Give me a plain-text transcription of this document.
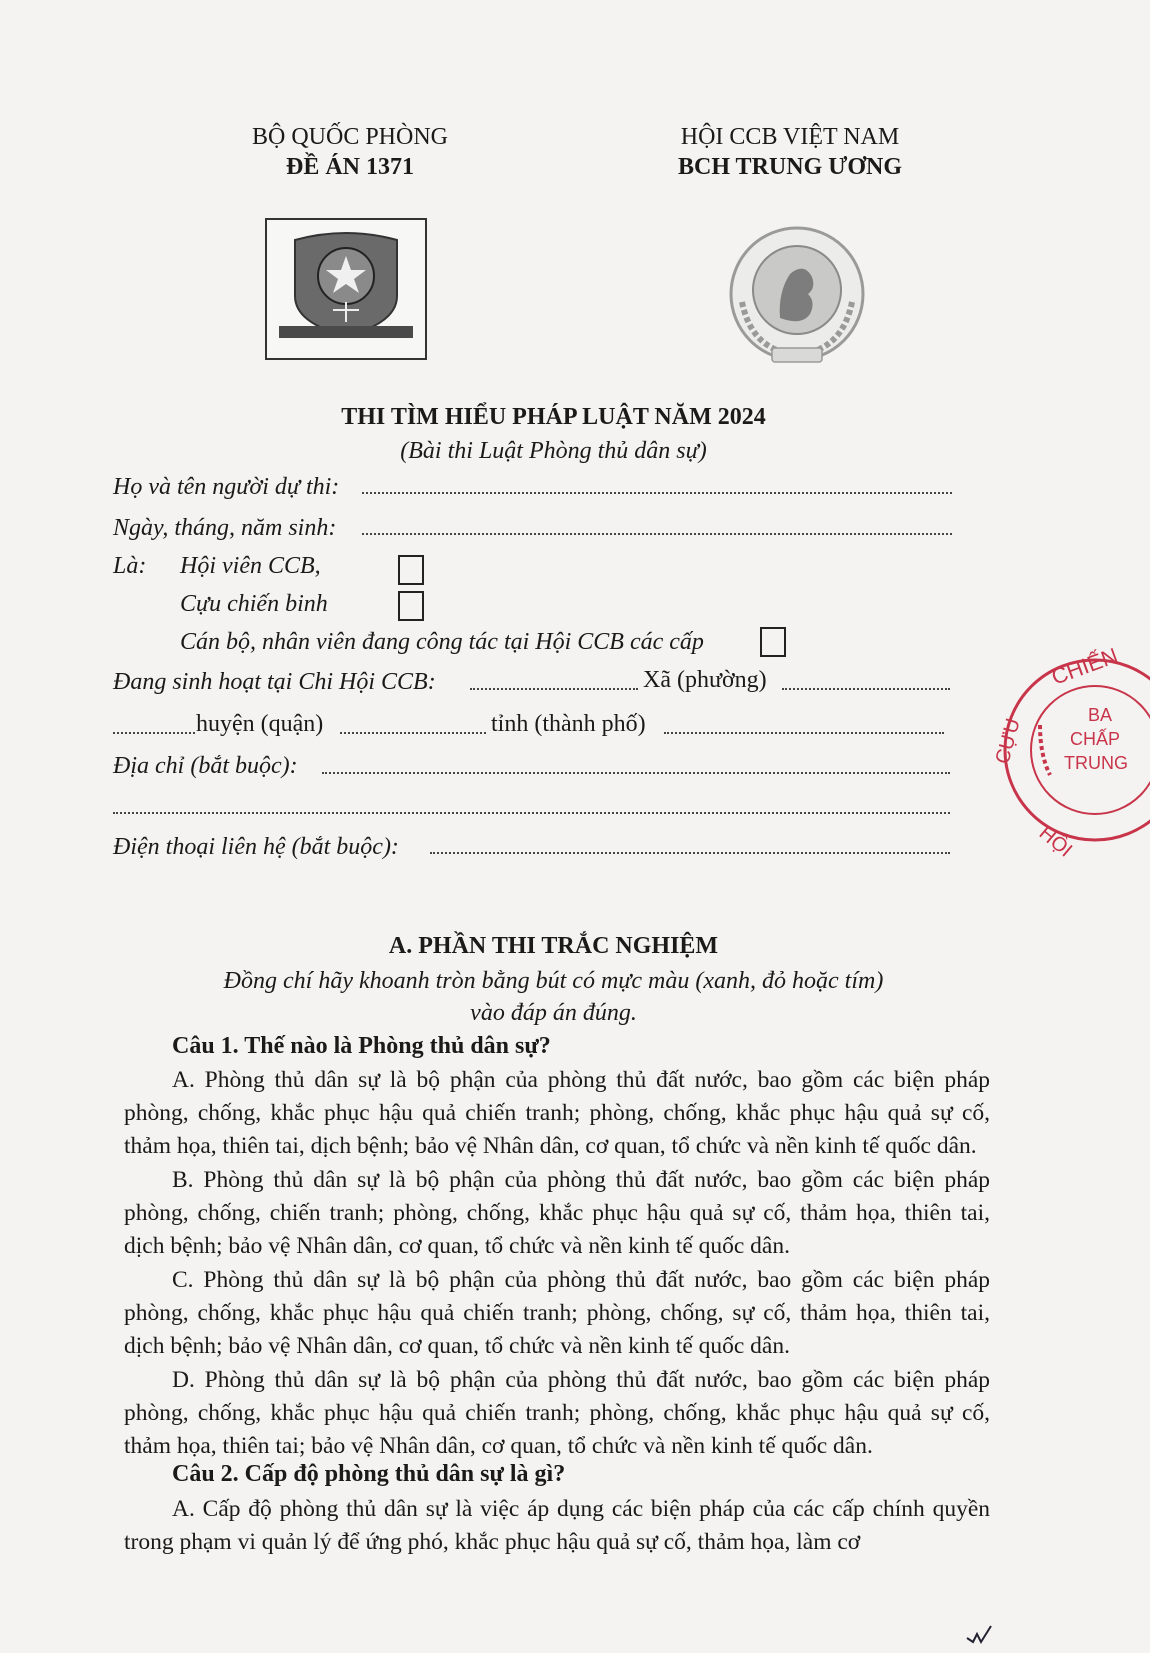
BỘ QUỐC PHÒNG
ĐỀ ÁN 1371
HỘI CCB VIỆT NAM
BCH TRUNG ƯƠNG
CHIẾN
CỰU
HỘI
BA
CHẤP
TRUNG
THI TÌM HIỂU PHÁP LUẬT NĂM 2024
(Bài thi Luật Phòng thủ dân sự)
Họ và tên người dự thi:
Ngày, tháng, năm sinh:
Là: Hội viên CCB,
Cựu chiến binh
Cán bộ, nhân viên đang công tác tại Hội CCB các cấp
Đang sinh hoạt tại Chi Hội CCB:	Xã (phường)
huyện (quận)	tỉnh (thành phố)
Địa chỉ (bắt buộc):
Điện thoại liên hệ (bắt buộc):
A. PHẦN THI TRẮC NGHIỆM
Đồng chí hãy khoanh tròn bằng bút có mực màu (xanh, đỏ hoặc tím)
vào đáp án đúng.
Câu 1. Thế nào là Phòng thủ dân sự?
A. Phòng thủ dân sự là bộ phận của phòng thủ đất nước, bao gồm các biện pháp phòng, chống, khắc phục hậu quả chiến tranh; phòng, chống, khắc phục hậu quả sự cố, thảm họa, thiên tai, dịch bệnh; bảo vệ Nhân dân, cơ quan, tổ chức và nền kinh tế quốc dân.
B. Phòng thủ dân sự là bộ phận của phòng thủ đất nước, bao gồm các biện pháp phòng, chống, chiến tranh; phòng, chống, khắc phục hậu quả sự cố, thảm họa, thiên tai, dịch bệnh; bảo vệ Nhân dân, cơ quan, tổ chức và nền kinh tế quốc dân.
C. Phòng thủ dân sự là bộ phận của phòng thủ đất nước, bao gồm các biện pháp phòng, chống, khắc phục hậu quả chiến tranh; phòng, chống, sự cố, thảm họa, thiên tai, dịch bệnh; bảo vệ Nhân dân, cơ quan, tổ chức và nền kinh tế quốc dân.
D. Phòng thủ dân sự là bộ phận của phòng thủ đất nước, bao gồm các biện pháp phòng, chống, khắc phục hậu quả chiến tranh; phòng, chống, khắc phục hậu quả sự cố, thảm họa, thiên tai; bảo vệ Nhân dân, cơ quan, tổ chức và nền kinh tế quốc dân.
Câu 2. Cấp độ phòng thủ dân sự là gì?
A. Cấp độ phòng thủ dân sự là việc áp dụng các biện pháp của các cấp chính quyền trong phạm vi quản lý để ứng phó, khắc phục hậu quả sự cố, thảm họa, làm cơ
